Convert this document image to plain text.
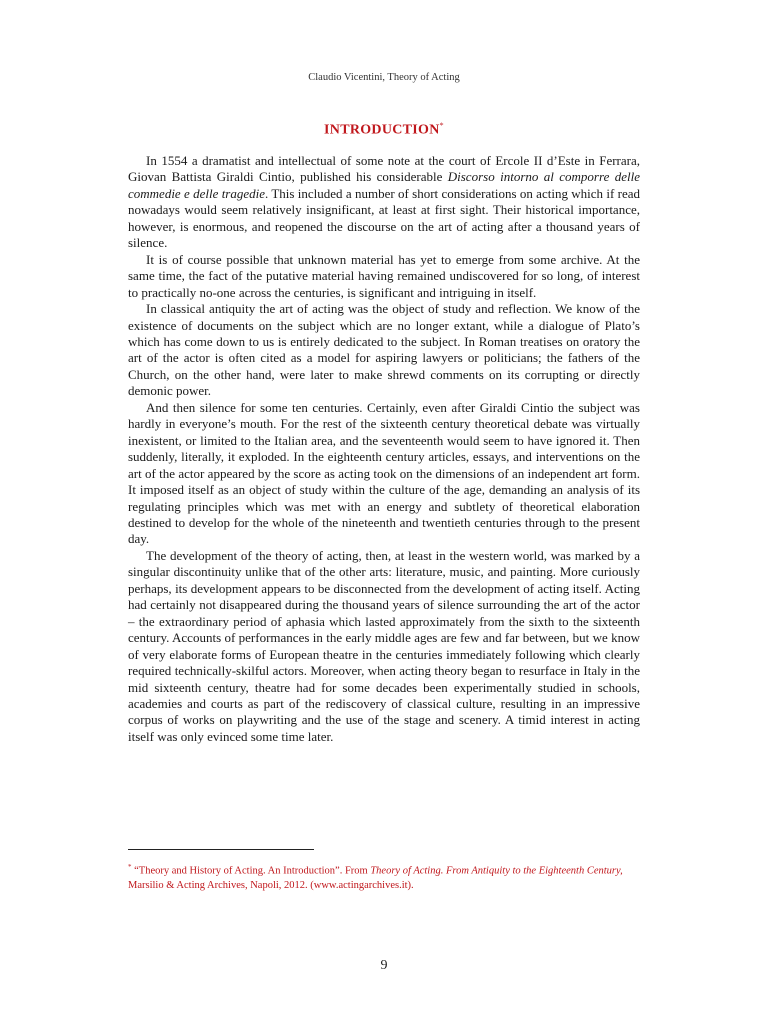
Claudio Vicentini, Theory of Acting
INTRODUCTION*

In 1554 a dramatist and intellectual of some note at the court of Ercole II d’Este in Ferrara, Giovan Battista Giraldi Cintio, published his considerable Discorso intorno al comporre delle commedie e delle tragedie. This included a number of short considerations on acting which if read nowadays would seem relatively insignificant, at least at first sight. Their historical importance, however, is enormous, and reopened the discourse on the art of acting after a thousand years of silence.

It is of course possible that unknown material has yet to emerge from some archive. At the same time, the fact of the putative material having remained undiscovered for so long, of interest to practically no-one across the centuries, is significant and intriguing in itself.

In classical antiquity the art of acting was the object of study and reflection. We know of the existence of documents on the subject which are no longer extant, while a dialogue of Plato’s which has come down to us is entirely dedicated to the subject. In Roman treatises on oratory the art of the actor is often cited as a model for aspiring lawyers or politicians; the fathers of the Church, on the other hand, were later to make shrewd comments on its corrupting or directly demonic power.

And then silence for some ten centuries. Certainly, even after Giraldi Cintio the subject was hardly in everyone’s mouth. For the rest of the sixteenth century theoretical debate was virtually inexistent, or limited to the Italian area, and the seventeenth would seem to have ignored it. Then suddenly, literally, it exploded. In the eighteenth century articles, essays, and interventions on the art of the actor appeared by the score as acting took on the dimensions of an independent art form. It imposed itself as an object of study within the culture of the age, demanding an analysis of its regulating principles which was met with an energy and subtlety of theoretical elaboration destined to develop for the whole of the nineteenth and twentieth centuries through to the present day.

The development of the theory of acting, then, at least in the western world, was marked by a singular discontinuity unlike that of the other arts: literature, music, and painting. More curiously perhaps, its development appears to be disconnected from the development of acting itself. Acting had certainly not disappeared during the thousand years of silence surrounding the art of the actor – the extraordinary period of aphasia which lasted approximately from the sixth to the sixteenth century. Accounts of performances in the early middle ages are few and far between, but we know of very elaborate forms of European theatre in the centuries immediately following which clearly required technically-skilful actors. Moreover, when acting theory began to resurface in Italy in the mid sixteenth century, theatre had for some decades been experimentally studied in schools, academies and courts as part of the rediscovery of classical culture, resulting in an impressive corpus of works on playwriting and the use of the stage and scenery. A timid interest in acting itself was only evinced some time later.

* “Theory and History of Acting. An Introduction”. From Theory of Acting. From Antiquity to the Eighteenth Century, Marsilio & Acting Archives, Napoli, 2012. (www.actingarchives.it).
9
